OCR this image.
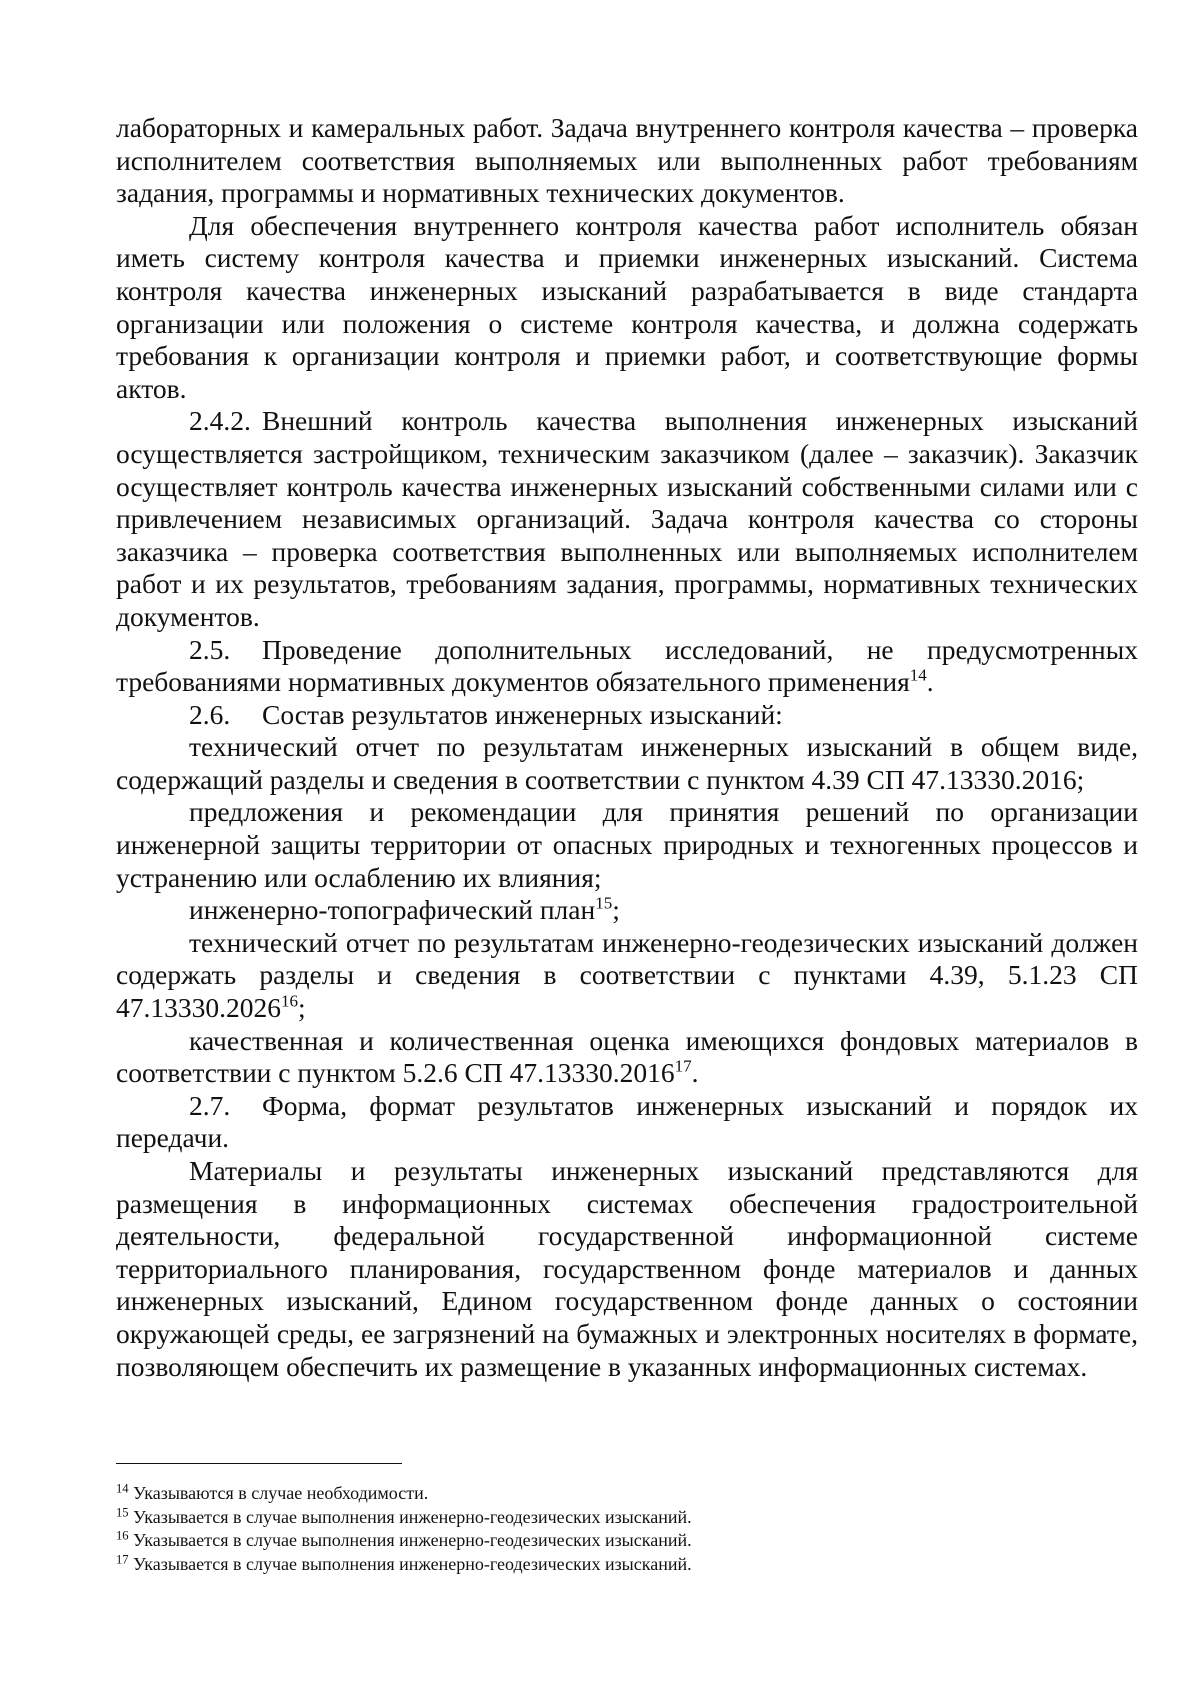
лабораторных и камеральных работ. Задача внутреннего контроля качества – проверка исполнителем соответствия выполняемых или выполненных работ требованиям задания, программы и нормативных технических документов.

Для обеспечения внутреннего контроля качества работ исполнитель обязан иметь систему контроля качества и приемки инженерных изысканий. Система контроля качества инженерных изысканий разрабатывается в виде стандарта организации или положения о системе контроля качества, и должна содержать требования к организации контроля и приемки работ, и соответствующие формы актов.

2.4.2. Внешний контроль качества выполнения инженерных изысканий осуществляется застройщиком, техническим заказчиком (далее – заказчик). Заказчик осуществляет контроль качества инженерных изысканий собственными силами или с привлечением независимых организаций. Задача контроля качества со стороны заказчика – проверка соответствия выполненных или выполняемых исполнителем работ и их результатов, требованиям задания, программы, нормативных технических документов.

2.5. Проведение дополнительных исследований, не предусмотренных требованиями нормативных документов обязательного применения$^{14}$.

2.6. Состав результатов инженерных изысканий:

технический отчет по результатам инженерных изысканий в общем виде, содержащий разделы и сведения в соответствии с пунктом 4.39 СП 47.13330.2016;

предложения и рекомендации для принятия решений по организации инженерной защиты территории от опасных природных и техногенных процессов и устранению или ослаблению их влияния;

инженерно-топографический план$^{15}$;

технический отчет по результатам инженерно-геодезических изысканий должен содержать разделы и сведения в соответствии с пунктами 4.39, 5.1.23 СП 47.13330.2026$^{16}$;

качественная и количественная оценка имеющихся фондовых материалов в соответствии с пунктом 5.2.6 СП 47.13330.2016$^{17}$.

2.7. Форма, формат результатов инженерных изысканий и порядок их передачи.

Материалы и результаты инженерных изысканий представляются для размещения в информационных системах обеспечения градостроительной деятельности, федеральной государственной информационной системе территориального планирования, государственном фонде материалов и данных инженерных изысканий, Едином государственном фонде данных о состоянии окружающей среды, ее загрязнений на бумажных и электронных носителях в формате, позволяющем обеспечить их размещение в указанных информационных системах.

$^{14}$ Указываются в случае необходимости.

$^{15}$ Указывается в случае выполнения инженерно-геодезических изысканий.

$^{16}$ Указывается в случае выполнения инженерно-геодезических изысканий.

$^{17}$ Указывается в случае выполнения инженерно-геодезических изысканий.
